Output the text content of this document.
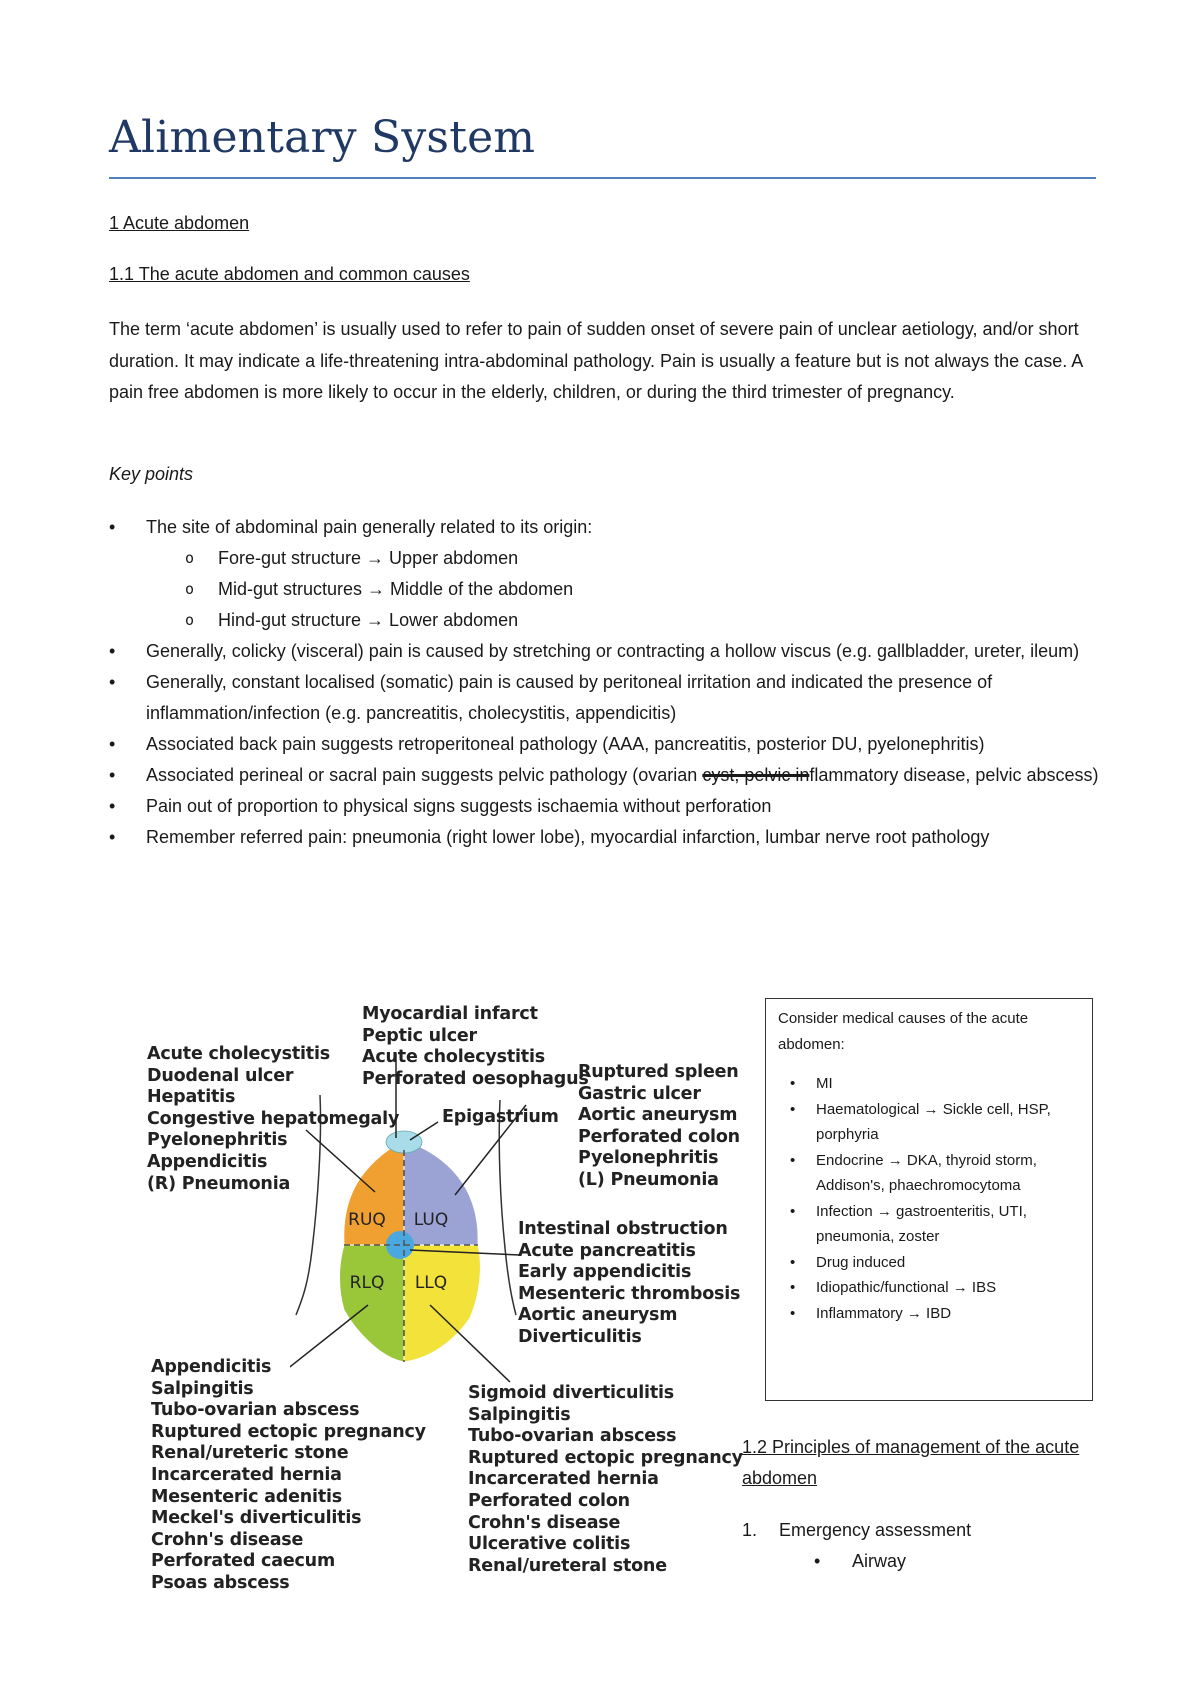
Alimentary System
1 Acute abdomen
1.1 The acute abdomen and common causes
The term ‘acute abdomen’ is usually used to refer to pain of sudden onset of severe pain of unclear aetiology, and/or short duration. It may indicate a life-threatening intra-abdominal pathology. Pain is usually a feature but is not always the case. A pain free abdomen is more likely to occur in the elderly, children, or during the third trimester of pregnancy.
Key points
• The site of abdominal pain generally related to its origin:
o Fore-gut structure → Upper abdomen
o Mid-gut structures → Middle of the abdomen
o Hind-gut structure → Lower abdomen
• Generally, colicky (visceral) pain is caused by stretching or contracting a hollow viscus (e.g. gallbladder, ureter, ileum)
• Generally, constant localised (somatic) pain is caused by peritoneal irritation and indicated the presence of inflammation/infection (e.g. pancreatitis, cholecystitis, appendicitis)
• Associated back pain suggests retroperitoneal pathology (AAA, pancreatitis, posterior DU, pyelonephritis)
• Associated perineal or sacral pain suggests pelvic pathology (ovarian cyst, pelvic inflammatory disease, pelvic abscess)
• Pain out of proportion to physical signs suggests ischaemia without perforation
• Remember referred pain: pneumonia (right lower lobe), myocardial infarction, lumbar nerve root pathology
RUQ LUQ
RLQ LLQ
Myocardial infarct
Peptic ulcer
Acute cholecystitis
Perforated oesophagus
Acute cholecystitis
Duodenal ulcer
Hepatitis
Congestive hepatomegaly
Pyelonephritis
Appendicitis
(R) Pneumonia
Epigastrium
Ruptured spleen
Gastric ulcer
Aortic aneurysm
Perforated colon
Pyelonephritis
(L) Pneumonia
Intestinal obstruction
Acute pancreatitis
Early appendicitis
Mesenteric thrombosis
Aortic aneurysm
Diverticulitis
Appendicitis
Salpingitis
Tubo-ovarian abscess
Ruptured ectopic pregnancy
Renal/ureteric stone
Incarcerated hernia
Mesenteric adenitis
Meckel's diverticulitis
Crohn's disease
Perforated caecum
Psoas abscess
Sigmoid diverticulitis
Salpingitis
Tubo-ovarian abscess
Ruptured ectopic pregnancy
Incarcerated hernia
Perforated colon
Crohn's disease
Ulcerative colitis
Renal/ureteral stone
Consider medical causes of the acute abdomen:
• MI
• Haematological → Sickle cell, HSP, porphyria
• Endocrine → DKA, thyroid storm, Addison's, phaechromocytoma
• Infection → gastroenteritis, UTI, pneumonia, zoster
• Drug induced
• Idiopathic/functional → IBS
• Inflammatory → IBD
1.2 Principles of management of the acute abdomen
1. Emergency assessment
• Airway
